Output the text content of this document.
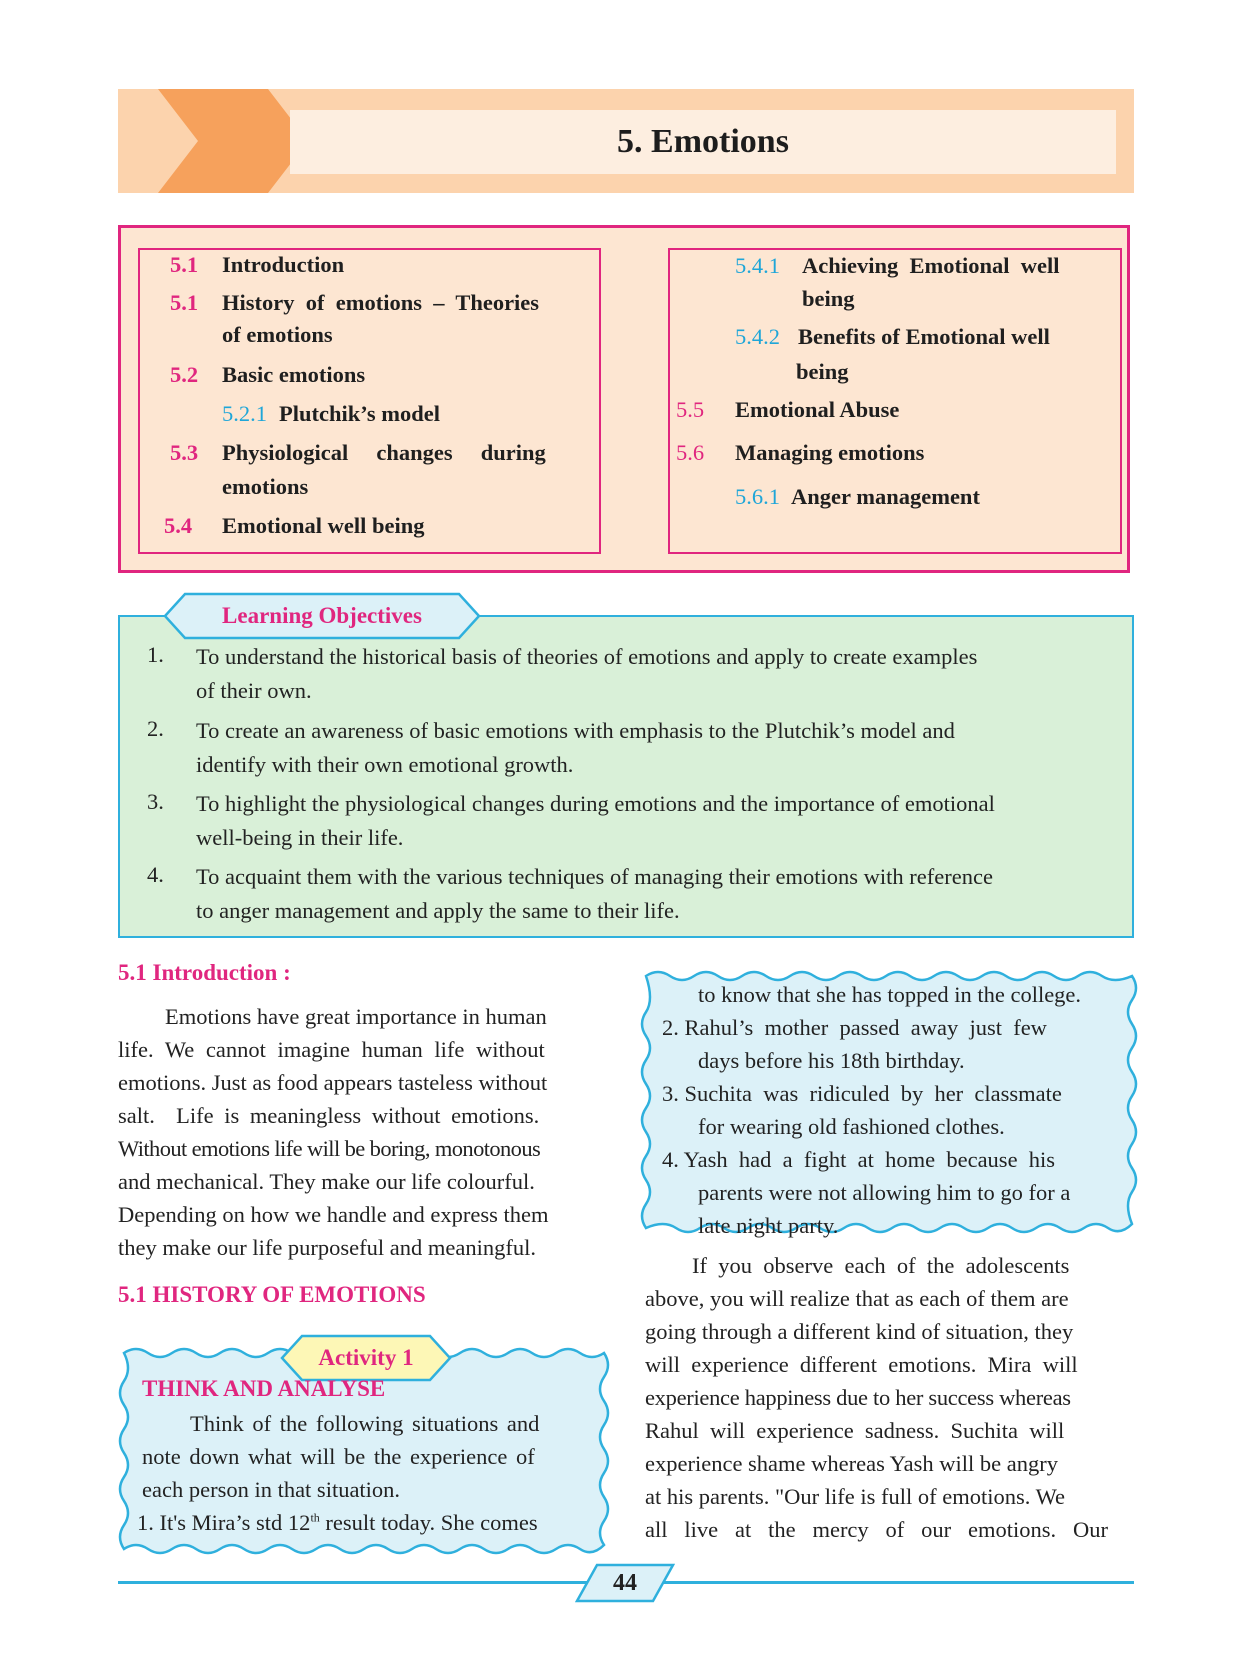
5. Emotions
5.1 Introduction
5.1 History  of  emotions  –  Theories
of emotions
5.2 Basic emotions
5.2.1 Plutchik’s model
5.3 Physiological     changes     during
emotions
5.4 Emotional well being
5.4.1 Achieving  Emotional  well
being
5.4.2 Benefits of Emotional well
being
5.5 Emotional Abuse
5.6 Managing emotions
5.6.1 Anger management
Learning Objectives
1. To understand the historical basis of theories of emotions and apply to create examples
of their own.
2. To create an awareness of basic emotions with emphasis to the Plutchik’s model and
identify with their own emotional growth.
3. To highlight the physiological changes during emotions and the importance of emotional
well-being in their life.
4. To acquaint them with the various techniques of managing their emotions with reference
to anger management and apply the same to their life.
5.1 Introduction :
Emotions have great importance in human
life. We cannot imagine human life without
emotions. Just as food appears tasteless without
salt.  Life is meaningless without emotions.
Without emotions life will be boring, monotonous
and mechanical. They make our life colourful.
Depending on how we handle and express them
they make our life purposeful and meaningful.
5.1 HISTORY OF EMOTIONS
Activity 1
THINK AND ANALYSE
Think of the following situations and
note down what will be the experience of
each person in that situation.
1. It's Mira’s std 12th result today. She comes
to know that she has topped in the college.
2. Rahul’s  mother  passed  away  just  few
days before his 18th birthday.
3. Suchita  was  ridiculed  by  her  classmate
for wearing old fashioned clothes.
4. Yash  had  a  fight  at  home  because  his
parents were not allowing him to go for a
late night party.
If  you  observe  each  of  the  adolescents
above, you will realize that as each of them are
going through a different kind of situation, they
will  experience  different  emotions.  Mira  will
experience happiness due to her success whereas
Rahul  will  experience  sadness.  Suchita  will
experience shame whereas Yash will be angry
at his parents. "Our life is full of emotions. We
all   live   at   the   mercy   of   our   emotions.   Our
44
